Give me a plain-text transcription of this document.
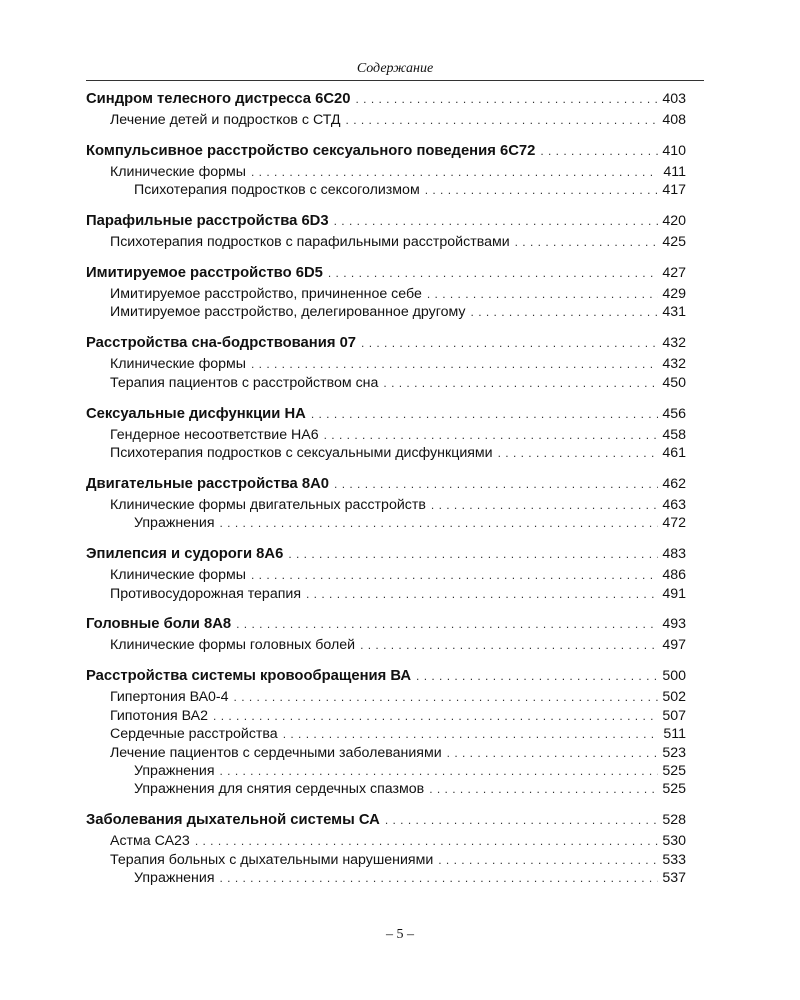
Содержание
Синдром телесного дистресса 6С20 . . .	403
Лечение детей и подростков с СТД . . .	408
Компульсивное расстройство сексуального поведения 6С72 . . .	410
Клинические формы . . .	411
Психотерапия подростков с сексоголизмом . . .	417
Парафильные расстройства 6D3 . . .	420
Психотерапия подростков с парафильными расстройствами . . .	425
Имитируемое расстройство 6D5 . . .	427
Имитируемое расстройство, причиненное себе . . .	429
Имитируемое расстройство, делегированное другому . . .	431
Расстройства сна-бодрствования 07 . . .	432
Клинические формы . . .	432
Терапия пациентов с расстройством сна . . .	450
Сексуальные дисфункции НА . . .	456
Гендерное несоответствие НА6 . . .	458
Психотерапия подростков с сексуальными дисфункциями . . .	461
Двигательные расстройства 8А0 . . .	462
Клинические формы двигательных расстройств . . .	463
Упражнения . . .	472
Эпилепсия и судороги 8А6 . . .	483
Клинические формы . . .	486
Противосудорожная терапия . . .	491
Головные боли 8А8 . . .	493
Клинические формы головных болей . . .	497
Расстройства системы кровообращения ВА . . .	500
Гипертония ВА0-4 . . .	502
Гипотония ВА2 . . .	507
Сердечные расстройства . . .	511
Лечение пациентов с сердечными заболеваниями . . .	523
Упражнения . . .	525
Упражнения для снятия сердечных спазмов . . .	525
Заболевания дыхательной системы СА . . .	528
Астма СА23 . . .	530
Терапия больных с дыхательными нарушениями . . .	533
Упражнения . . .	537
– 5 –
